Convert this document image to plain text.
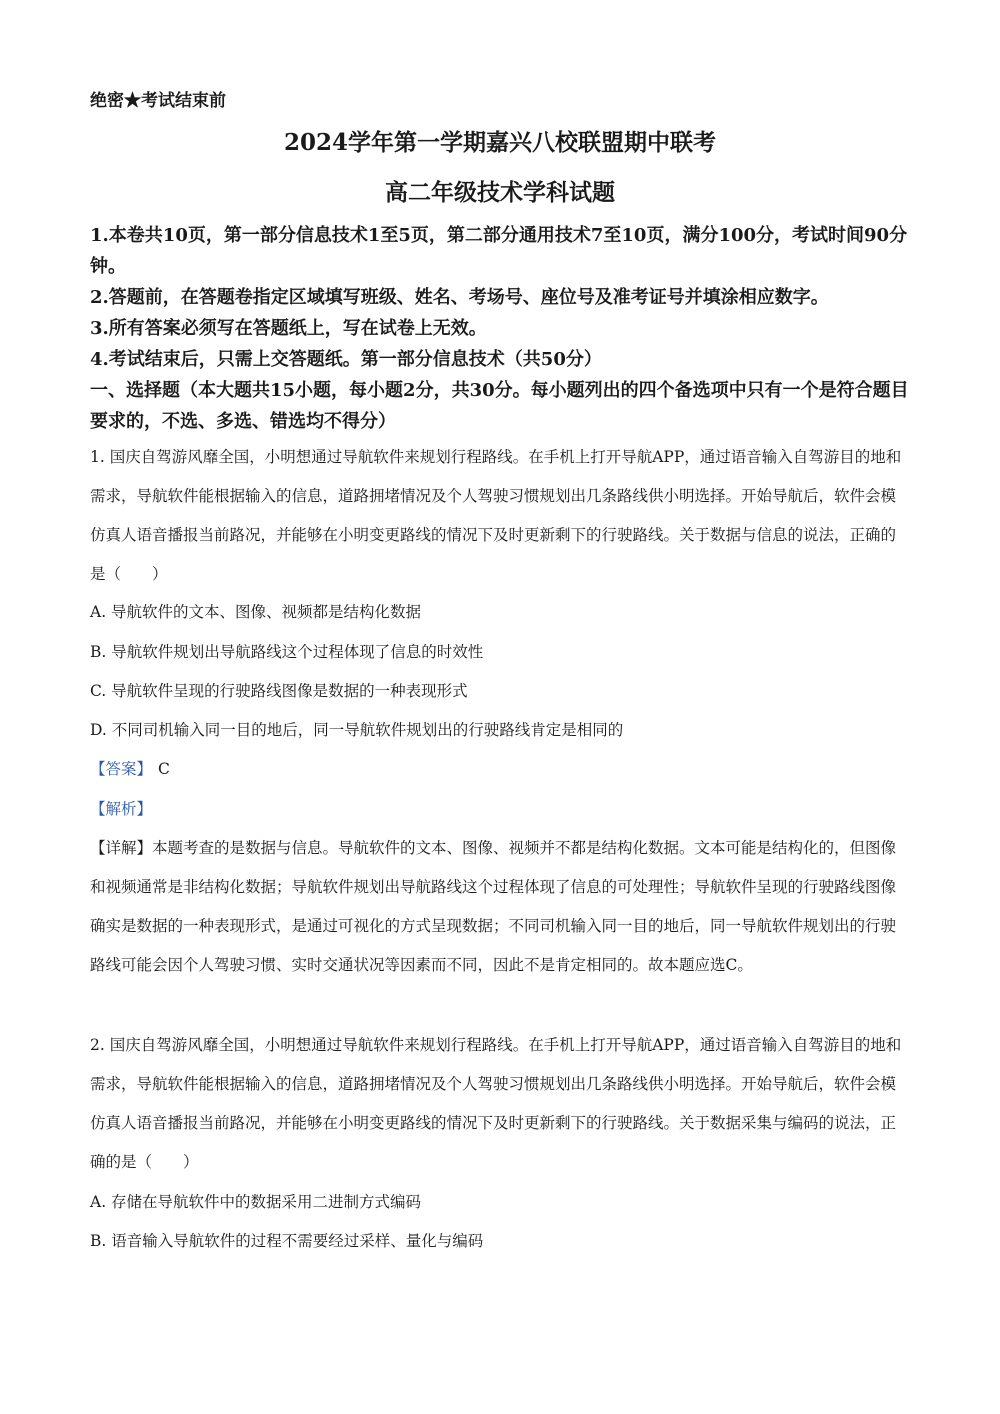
绝密★考试结束前
2024学年第一学期嘉兴八校联盟期中联考
高二年级技术学科试题
1.本卷共10页，第一部分信息技术1至5页，第二部分通用技术7至10页，满分100分，考试时间90分钟。
2.答题前，在答题卷指定区域填写班级、姓名、考场号、座位号及准考证号并填涂相应数字。
3.所有答案必须写在答题纸上，写在试卷上无效。
4.考试结束后，只需上交答题纸。第一部分信息技术（共50分）
一、选择题（本大题共15小题，每小题2分，共30分。每小题列出的四个备选项中只有一个是符合题目要求的，不选、多选、错选均不得分）
1. 国庆自驾游风靡全国，小明想通过导航软件来规划行程路线。在手机上打开导航APP，通过语音输入自驾游目的地和需求，导航软件能根据输入的信息，道路拥堵情况及个人驾驶习惯规划出几条路线供小明选择。开始导航后，软件会模仿真人语音播报当前路况，并能够在小明变更路线的情况下及时更新剩下的行驶路线。关于数据与信息的说法，正确的是（　　）
A. 导航软件的文本、图像、视频都是结构化数据
B. 导航软件规划出导航路线这个过程体现了信息的时效性
C. 导航软件呈现的行驶路线图像是数据的一种表现形式
D. 不同司机输入同一目的地后，同一导航软件规划出的行驶路线肯定是相同的
【答案】 C
【解析】
【详解】本题考查的是数据与信息。导航软件的文本、图像、视频并不都是结构化数据。文本可能是结构化的，但图像和视频通常是非结构化数据；导航软件规划出导航路线这个过程体现了信息的可处理性；导航软件呈现的行驶路线图像确实是数据的一种表现形式，是通过可视化的方式呈现数据；不同司机输入同一目的地后，同一导航软件规划出的行驶路线可能会因个人驾驶习惯、实时交通状况等因素而不同，因此不是肯定相同的。故本题应选C。
2. 国庆自驾游风靡全国，小明想通过导航软件来规划行程路线。在手机上打开导航APP，通过语音输入自驾游目的地和需求，导航软件能根据输入的信息，道路拥堵情况及个人驾驶习惯规划出几条路线供小明选择。开始导航后，软件会模仿真人语音播报当前路况，并能够在小明变更路线的情况下及时更新剩下的行驶路线。关于数据采集与编码的说法，正确的是（　　）
A. 存储在导航软件中的数据采用二进制方式编码
B. 语音输入导航软件的过程不需要经过采样、量化与编码
